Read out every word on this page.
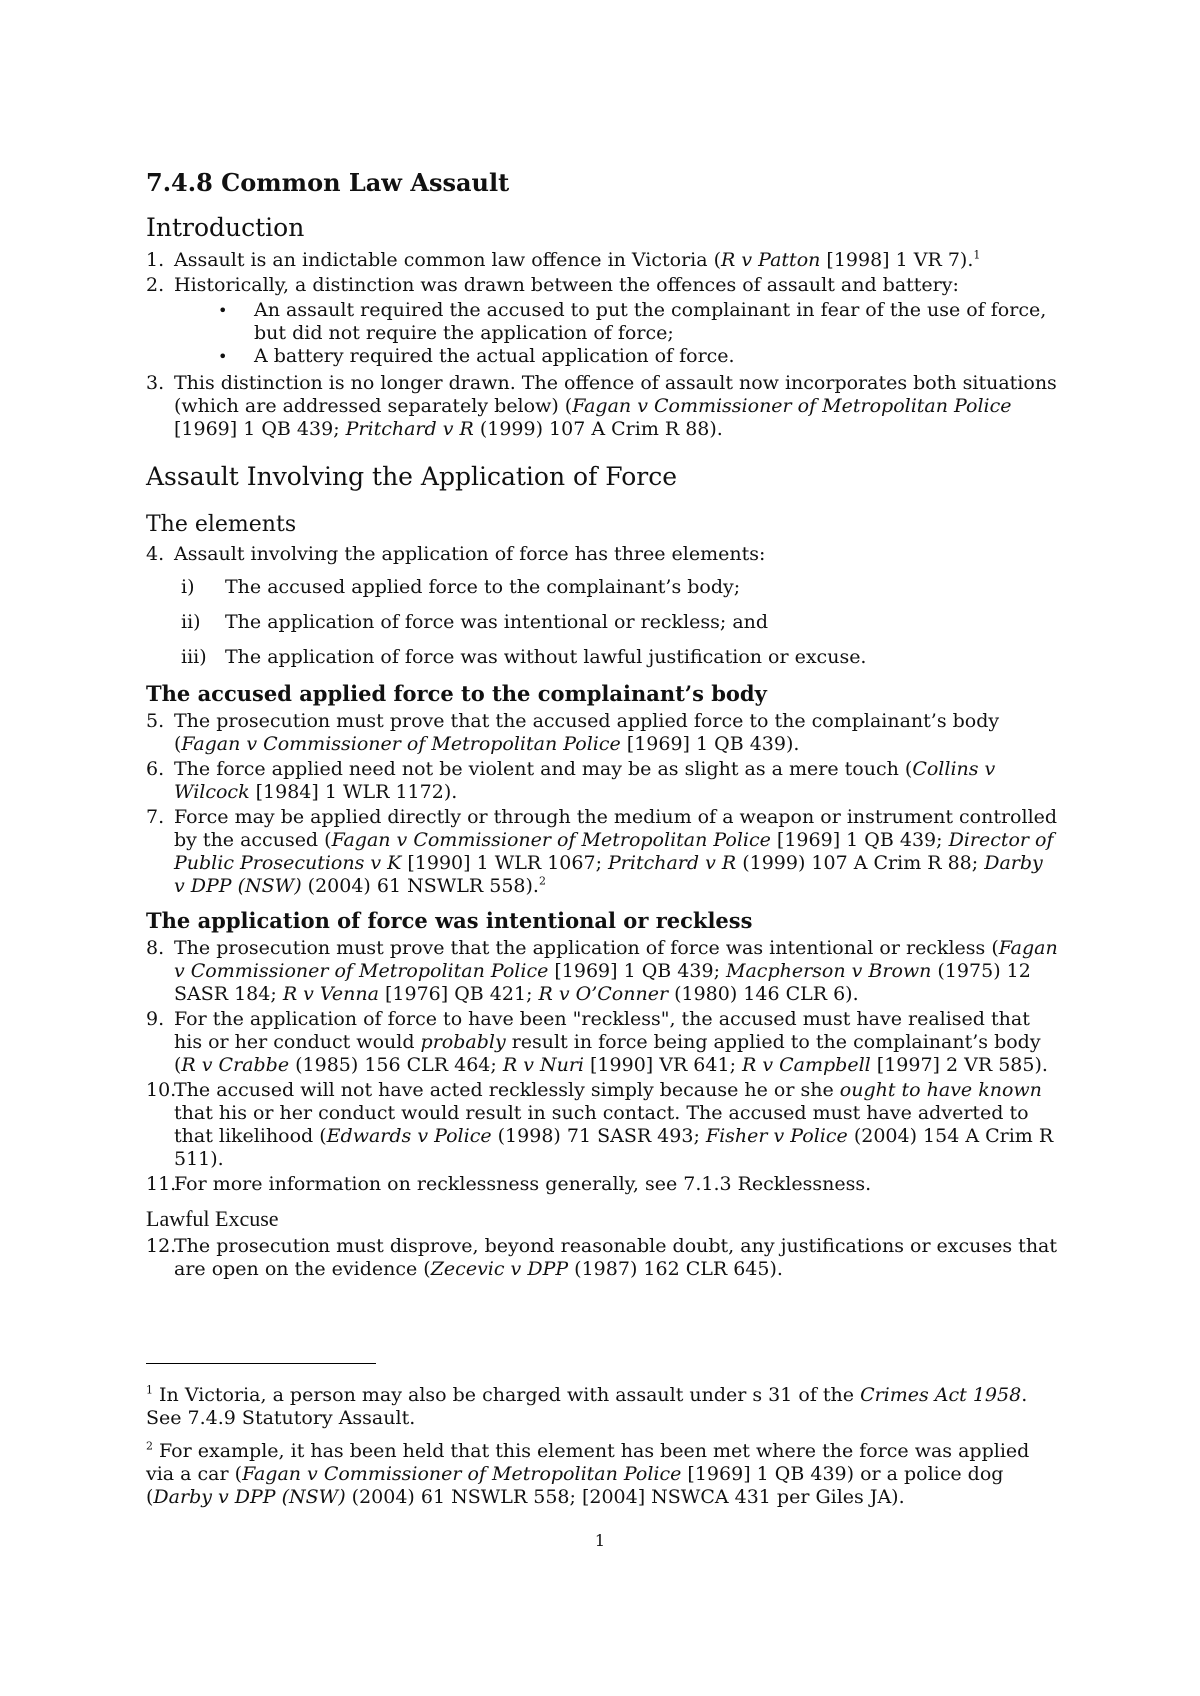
7.4.8 Common Law Assault
Introduction
1. Assault is an indictable common law offence in Victoria (R v Patton [1998] 1 VR 7).$^1$
2. Historically, a distinction was drawn between the offences of assault and battery:
• An assault required the accused to put the complainant in fear of the use of force, but did not require the application of force;
• A battery required the actual application of force.
3. This distinction is no longer drawn. The offence of assault now incorporates both situations (which are addressed separately below) (Fagan v Commissioner of Metropolitan Police [1969] 1 QB 439; Pritchard v R (1999) 107 A Crim R 88).
Assault Involving the Application of Force
The elements
4. Assault involving the application of force has three elements:
i) The accused applied force to the complainant’s body;
ii) The application of force was intentional or reckless; and
iii) The application of force was without lawful justification or excuse.
The accused applied force to the complainant’s body
5. The prosecution must prove that the accused applied force to the complainant’s body (Fagan v Commissioner of Metropolitan Police [1969] 1 QB 439).
6. The force applied need not be violent and may be as slight as a mere touch (Collins v Wilcock [1984] 1 WLR 1172).
7. Force may be applied directly or through the medium of a weapon or instrument controlled by the accused (Fagan v Commissioner of Metropolitan Police [1969] 1 QB 439; Director of Public Prosecutions v K [1990] 1 WLR 1067; Pritchard v R (1999) 107 A Crim R 88; Darby v DPP (NSW) (2004) 61 NSWLR 558).$^2$
The application of force was intentional or reckless
8. The prosecution must prove that the application of force was intentional or reckless (Fagan v Commissioner of Metropolitan Police [1969] 1 QB 439; Macpherson v Brown (1975) 12 SASR 184; R v Venna [1976] QB 421; R v O’Conner (1980) 146 CLR 6).
9. For the application of force to have been "reckless", the accused must have realised that his or her conduct would probably result in force being applied to the complainant’s body (R v Crabbe (1985) 156 CLR 464; R v Nuri [1990] VR 641; R v Campbell [1997] 2 VR 585).
10.
The accused will not have acted recklessly simply because he or she ought to have known that his or her conduct would result in such contact. The accused must have adverted to that likelihood (Edwards v Police (1998) 71 SASR 493; Fisher v Police (2004) 154 A Crim R 511).
11.
For more information on recklessness generally, see 7.1.3 Recklessness.
Lawful Excuse
12.
The prosecution must disprove, beyond reasonable doubt, any justifications or excuses that are open on the evidence (Zecevic v DPP (1987) 162 CLR 645).
$^1$ In Victoria, a person may also be charged with assault under s 31 of the Crimes Act 1958. See 7.4.9 Statutory Assault.
$^2$ For example, it has been held that this element has been met where the force was applied via a car (Fagan v Commissioner of Metropolitan Police [1969] 1 QB 439) or a police dog (Darby v DPP (NSW) (2004) 61 NSWLR 558; [2004] NSWCA 431 per Giles JA).
1
